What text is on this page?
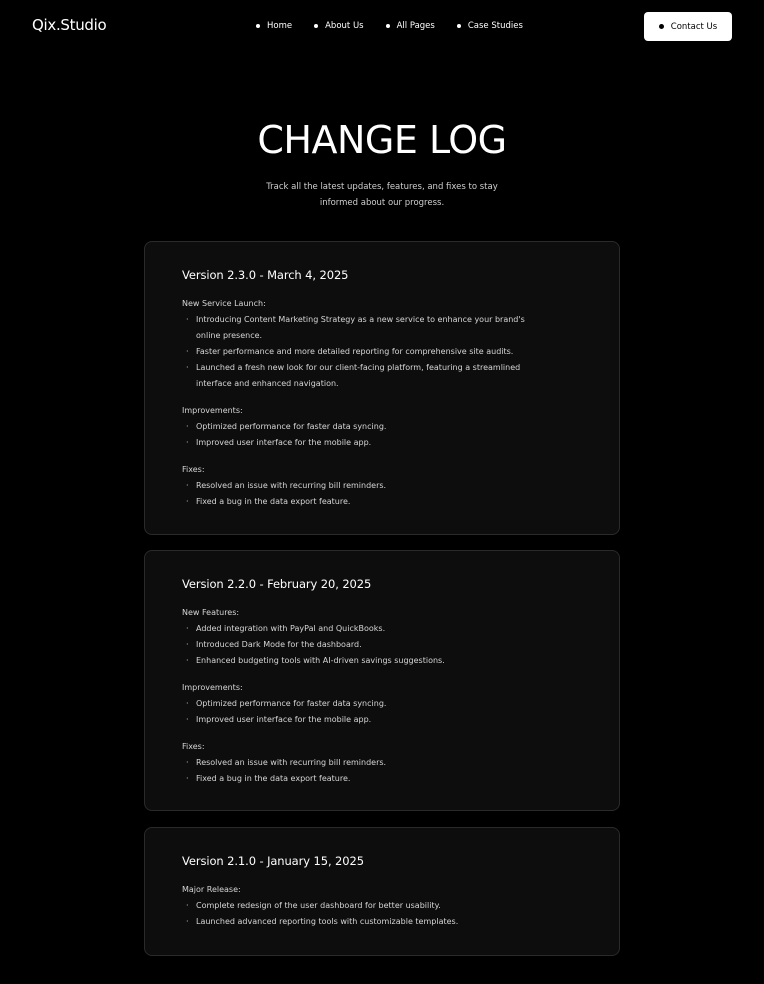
Qix.Studio	Home	About Us	All Pages	Case Studies	Contact Us
CHANGE LOG

Track all the latest updates, features, and fixes to stay informed about our progress.

Version 2.3.0 - March 4, 2025
New Service Launch:
· Introducing Content Marketing Strategy as a new service to enhance your brand's online presence.
· Faster performance and more detailed reporting for comprehensive site audits.
· Launched a fresh new look for our client-facing platform, featuring a streamlined interface and enhanced navigation.
Improvements:
· Optimized performance for faster data syncing.
· Improved user interface for the mobile app.
Fixes:
· Resolved an issue with recurring bill reminders.
· Fixed a bug in the data export feature.
Version 2.2.0 - February 20, 2025
New Features:
· Added integration with PayPal and QuickBooks.
· Introduced Dark Mode for the dashboard.
· Enhanced budgeting tools with AI-driven savings suggestions.
Improvements:
· Optimized performance for faster data syncing.
· Improved user interface for the mobile app.
Fixes:
· Resolved an issue with recurring bill reminders.
· Fixed a bug in the data export feature.
Version 2.1.0 - January 15, 2025
Major Release:
· Complete redesign of the user dashboard for better usability.
· Launched advanced reporting tools with customizable templates.
